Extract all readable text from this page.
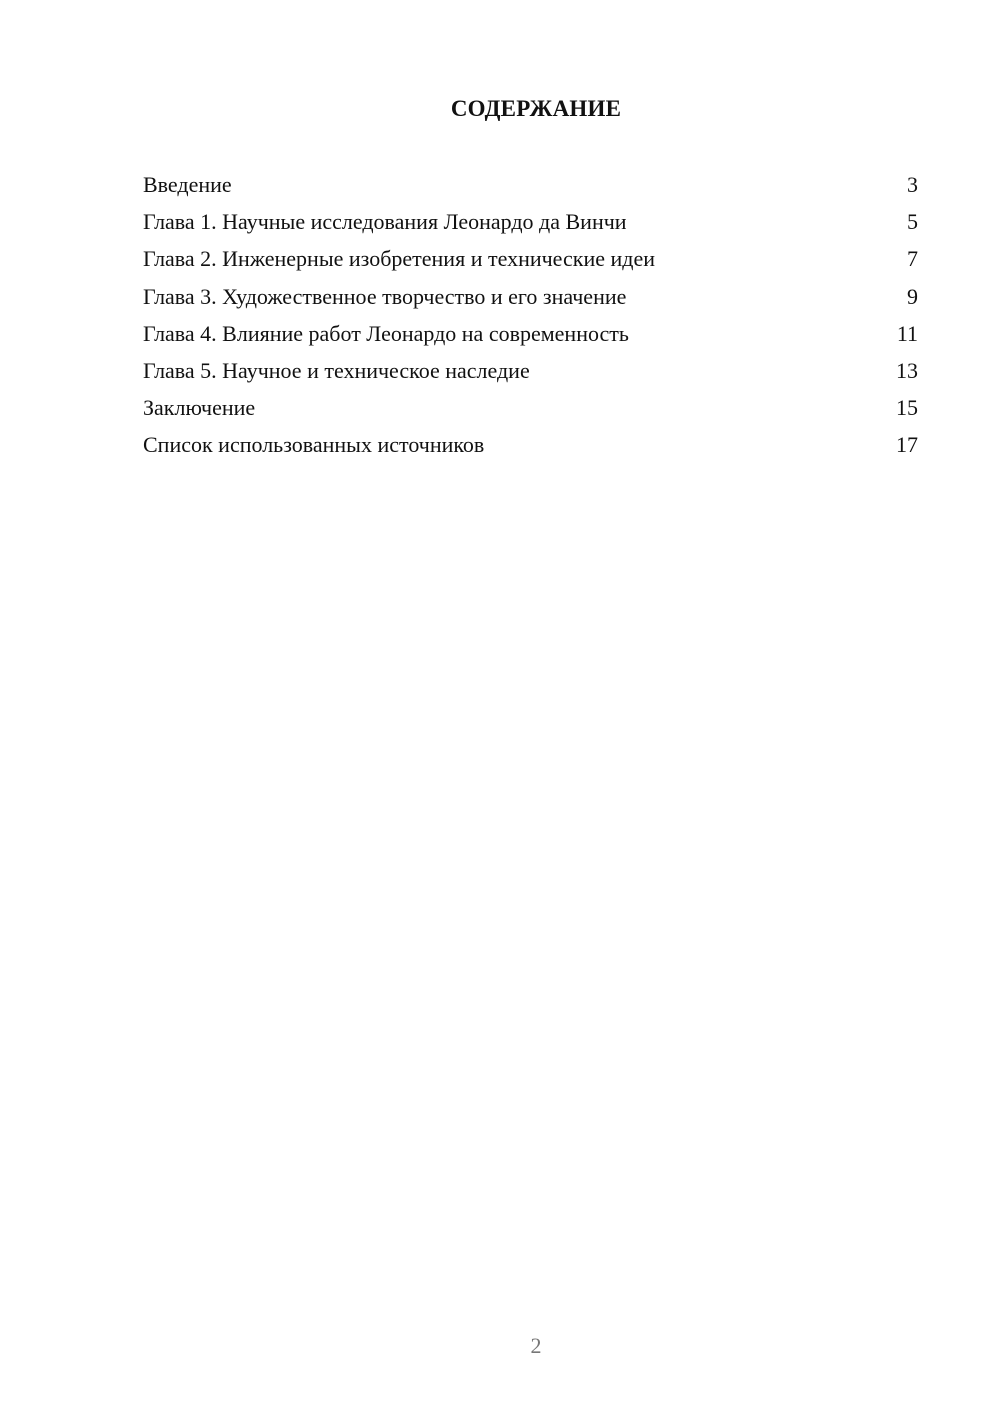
СОДЕРЖАНИЕ
Введение	3
Глава 1. Научные исследования Леонардо да Винчи	5
Глава 2. Инженерные изобретения и технические идеи	7
Глава 3. Художественное творчество и его значение	9
Глава 4. Влияние работ Леонардо на современность	11
Глава 5. Научное и техническое наследие	13
Заключение	15
Список использованных источников	17
2
